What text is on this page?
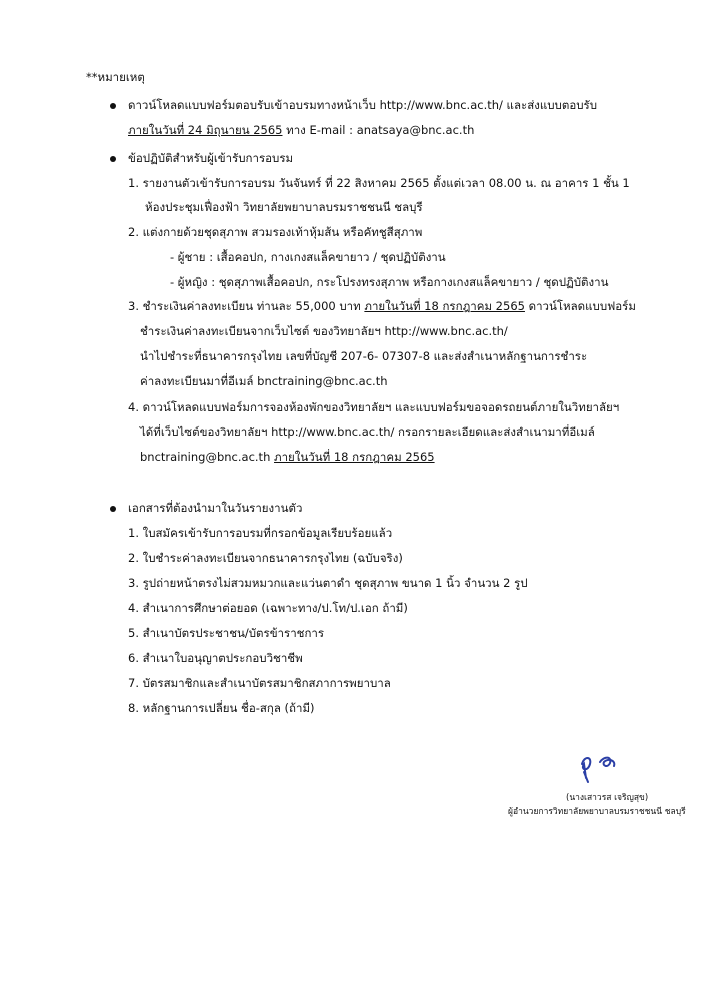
**หมายเหตุ
ดาวน์โหลดแบบฟอร์มตอบรับเข้าอบรมทางหน้าเว็บ http://www.bnc.ac.th/ และส่งแบบตอบรับ
ภายในวันที่ 24 มิถุนายน 2565 ทาง E-mail : anatsaya@bnc.ac.th
ข้อปฏิบัติสำหรับผู้เข้ารับการอบรม
1. รายงานตัวเข้ารับการอบรม วันจันทร์ ที่ 22 สิงหาคม 2565 ตั้งแต่เวลา 08.00 น. ณ อาคาร 1 ชั้น 1
ห้องประชุมเฟื่องฟ้า วิทยาลัยพยาบาลบรมราชชนนี ชลบุรี
2. แต่งกายด้วยชุดสุภาพ สวมรองเท้าหุ้มส้น หรือคัทชูสีสุภาพ
- ผู้ชาย : เสื้อคอปก, กางเกงสแล็คขายาว / ชุดปฏิบัติงาน
- ผู้หญิง : ชุดสุภาพเสื้อคอปก, กระโปรงทรงสุภาพ หรือกางเกงสแล็คขายาว / ชุดปฏิบัติงาน
3. ชำระเงินค่าลงทะเบียน ท่านละ 55,000 บาท ภายในวันที่ 18 กรกฎาคม 2565 ดาวน์โหลดแบบฟอร์ม
ชำระเงินค่าลงทะเบียนจากเว็บไซต์ ของวิทยาลัยฯ http://www.bnc.ac.th/
นำไปชำระที่ธนาคารกรุงไทย เลขที่บัญชี 207-6- 07307-8 และส่งสำเนาหลักฐานการชำระ
ค่าลงทะเบียนมาที่อีเมล์ bnctraining@bnc.ac.th
4. ดาวน์โหลดแบบฟอร์มการจองห้องพักของวิทยาลัยฯ และแบบฟอร์มขอจอดรถยนต์ภายในวิทยาลัยฯ
ได้ที่เว็บไซต์ของวิทยาลัยฯ http://www.bnc.ac.th/ กรอกรายละเอียดและส่งสำเนามาที่อีเมล์
bnctraining@bnc.ac.th ภายในวันที่ 18 กรกฎาคม 2565
เอกสารที่ต้องนำมาในวันรายงานตัว
1. ใบสมัครเข้ารับการอบรมที่กรอกข้อมูลเรียบร้อยแล้ว
2. ใบชำระค่าลงทะเบียนจากธนาคารกรุงไทย (ฉบับจริง)
3. รูปถ่ายหน้าตรงไม่สวมหมวกและแว่นตาดำ ชุดสุภาพ ขนาด 1 นิ้ว จำนวน 2 รูป
4. สำเนาการศึกษาต่อยอด (เฉพาะทาง/ป.โท/ป.เอก ถ้ามี)
5. สำเนาบัตรประชาชน/บัตรข้าราชการ
6. สำเนาใบอนุญาตประกอบวิชาชีพ
7. บัตรสมาชิกและสำเนาบัตรสมาชิกสภาการพยาบาล
8. หลักฐานการเปลี่ยน ชื่อ-สกุล (ถ้ามี)
(นางเสาวรส เจริญสุข)
ผู้อำนวยการวิทยาลัยพยาบาลบรมราชชนนี ชลบุรี
